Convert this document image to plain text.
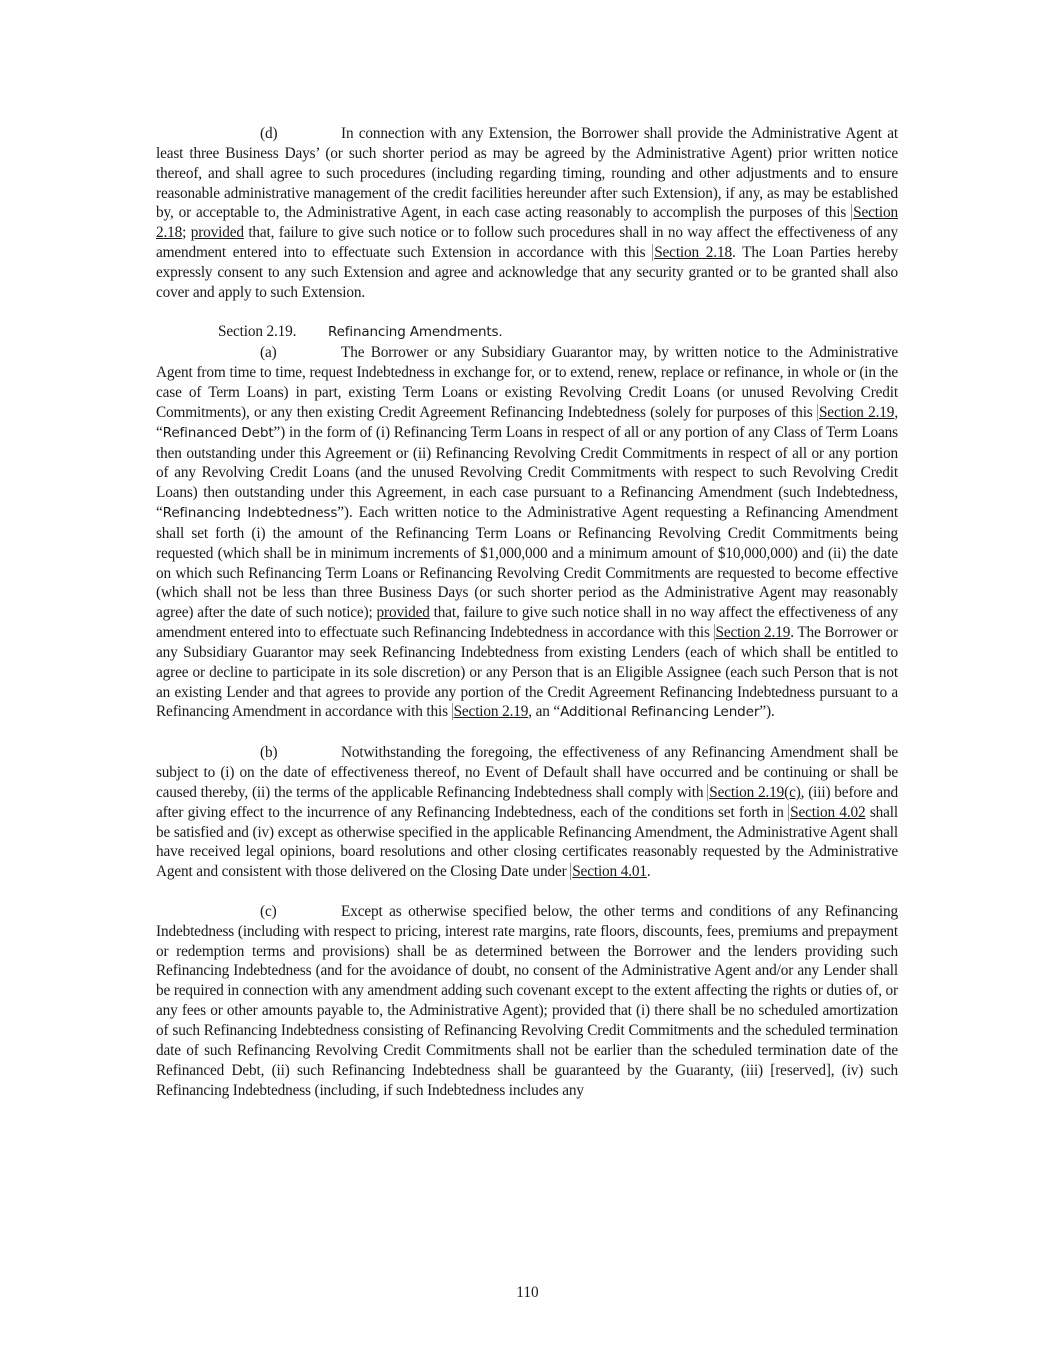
(d)	In connection with any Extension, the Borrower shall provide the Administrative Agent at least three Business Days’ (or such shorter period as may be agreed by the Administrative Agent) prior written notice thereof, and shall agree to such procedures (including regarding timing, rounding and other adjustments and to ensure reasonable administrative management of the credit facilities hereunder after such Extension), if any, as may be established by, or acceptable to, the Administrative Agent, in each case acting reasonably to accomplish the purposes of this Section 2.18; provided that, failure to give such notice or to follow such procedures shall in no way affect the effectiveness of any amendment entered into to effectuate such Extension in accordance with this Section 2.18. The Loan Parties hereby expressly consent to any such Extension and agree and acknowledge that any security granted or to be granted shall also cover and apply to such Extension.

Section 2.19. Refinancing Amendments.

(a)	The Borrower or any Subsidiary Guarantor may, by written notice to the Administrative Agent from time to time, request Indebtedness in exchange for, or to extend, renew, replace or refinance, in whole or (in the case of Term Loans) in part, existing Term Loans or existing Revolving Credit Loans (or unused Revolving Credit Commitments), or any then existing Credit Agreement Refinancing Indebtedness (solely for purposes of this Section 2.19, “Refinanced Debt”) in the form of (i) Refinancing Term Loans in respect of all or any portion of any Class of Term Loans then outstanding under this Agreement or (ii) Refinancing Revolving Credit Commitments in respect of all or any portion of any Revolving Credit Loans (and the unused Revolving Credit Commitments with respect to such Revolving Credit Loans) then outstanding under this Agreement, in each case pursuant to a Refinancing Amendment (such Indebtedness, “Refinancing Indebtedness”). Each written notice to the Administrative Agent requesting a Refinancing Amendment shall set forth (i) the amount of the Refinancing Term Loans or Refinancing Revolving Credit Commitments being requested (which shall be in minimum increments of $1,000,000 and a minimum amount of $10,000,000) and (ii) the date on which such Refinancing Term Loans or Refinancing Revolving Credit Commitments are requested to become effective (which shall not be less than three Business Days (or such shorter period as the Administrative Agent may reasonably agree) after the date of such notice); provided that, failure to give such notice shall in no way affect the effectiveness of any amendment entered into to effectuate such Refinancing Indebtedness in accordance with this Section 2.19. The Borrower or any Subsidiary Guarantor may seek Refinancing Indebtedness from existing Lenders (each of which shall be entitled to agree or decline to participate in its sole discretion) or any Person that is an Eligible Assignee (each such Person that is not an existing Lender and that agrees to provide any portion of the Credit Agreement Refinancing Indebtedness pursuant to a Refinancing Amendment in accordance with this Section 2.19, an “Additional Refinancing Lender”).

(b)	Notwithstanding the foregoing, the effectiveness of any Refinancing Amendment shall be subject to (i) on the date of effectiveness thereof, no Event of Default shall have occurred and be continuing or shall be caused thereby, (ii) the terms of the applicable Refinancing Indebtedness shall comply with Section 2.19(c), (iii) before and after giving effect to the incurrence of any Refinancing Indebtedness, each of the conditions set forth in Section 4.02 shall be satisfied and (iv) except as otherwise specified in the applicable Refinancing Amendment, the Administrative Agent shall have received legal opinions, board resolutions and other closing certificates reasonably requested by the Administrative Agent and consistent with those delivered on the Closing Date under Section 4.01.

(c)	Except as otherwise specified below, the other terms and conditions of any Refinancing Indebtedness (including with respect to pricing, interest rate margins, rate floors, discounts, fees, premiums and prepayment or redemption terms and provisions) shall be as determined between the Borrower and the lenders providing such Refinancing Indebtedness (and for the avoidance of doubt, no consent of the Administrative Agent and/or any Lender shall be required in connection with any amendment adding such covenant except to the extent affecting the rights or duties of, or any fees or other amounts payable to, the Administrative Agent); provided that (i) there shall be no scheduled amortization of such Refinancing Indebtedness consisting of Refinancing Revolving Credit Commitments and the scheduled termination date of such Refinancing Revolving Credit Commitments shall not be earlier than the scheduled termination date of the Refinanced Debt, (ii) such Refinancing Indebtedness shall be guaranteed by the Guaranty, (iii) [reserved], (iv) such Refinancing Indebtedness (including, if such Indebtedness includes any

110
